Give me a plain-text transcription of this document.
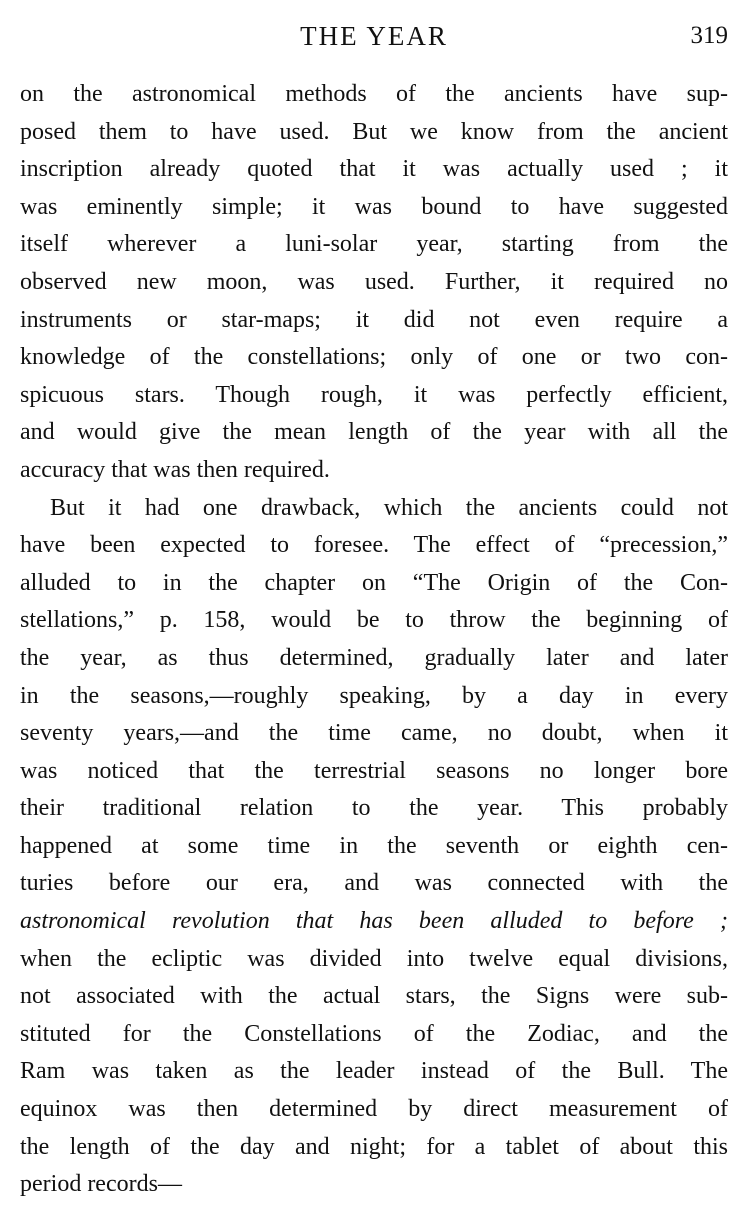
THE YEAR	319
on the astronomical methods of the ancients have sup-
posed them to have used. But we know from the ancient
inscription already quoted that it was actually used ; it
was eminently simple; it was bound to have suggested
itself wherever a luni-solar year, starting from the
observed new moon, was used. Further, it required no
instruments or star-maps; it did not even require a
knowledge of the constellations; only of one or two con-
spicuous stars. Though rough, it was perfectly efficient,
and would give the mean length of the year with all the
accuracy that was then required.
But it had one drawback, which the ancients could not
have been expected to foresee. The effect of “precession,”
alluded to in the chapter on “The Origin of the Con-
stellations,” p. 158, would be to throw the beginning of
the year, as thus determined, gradually later and later
in the seasons,—roughly speaking, by a day in every
seventy years,—and the time came, no doubt, when it
was noticed that the terrestrial seasons no longer bore
their traditional relation to the year. This probably
happened at some time in the seventh or eighth cen-
turies before our era, and was connected with the
astronomical revolution that has been alluded to before ;
when the ecliptic was divided into twelve equal divisions,
not associated with the actual stars, the Signs were sub-
stituted for the Constellations of the Zodiac, and the
Ram was taken as the leader instead of the Bull. The
equinox was then determined by direct measurement of
the length of the day and night; for a tablet of about this
period records—
